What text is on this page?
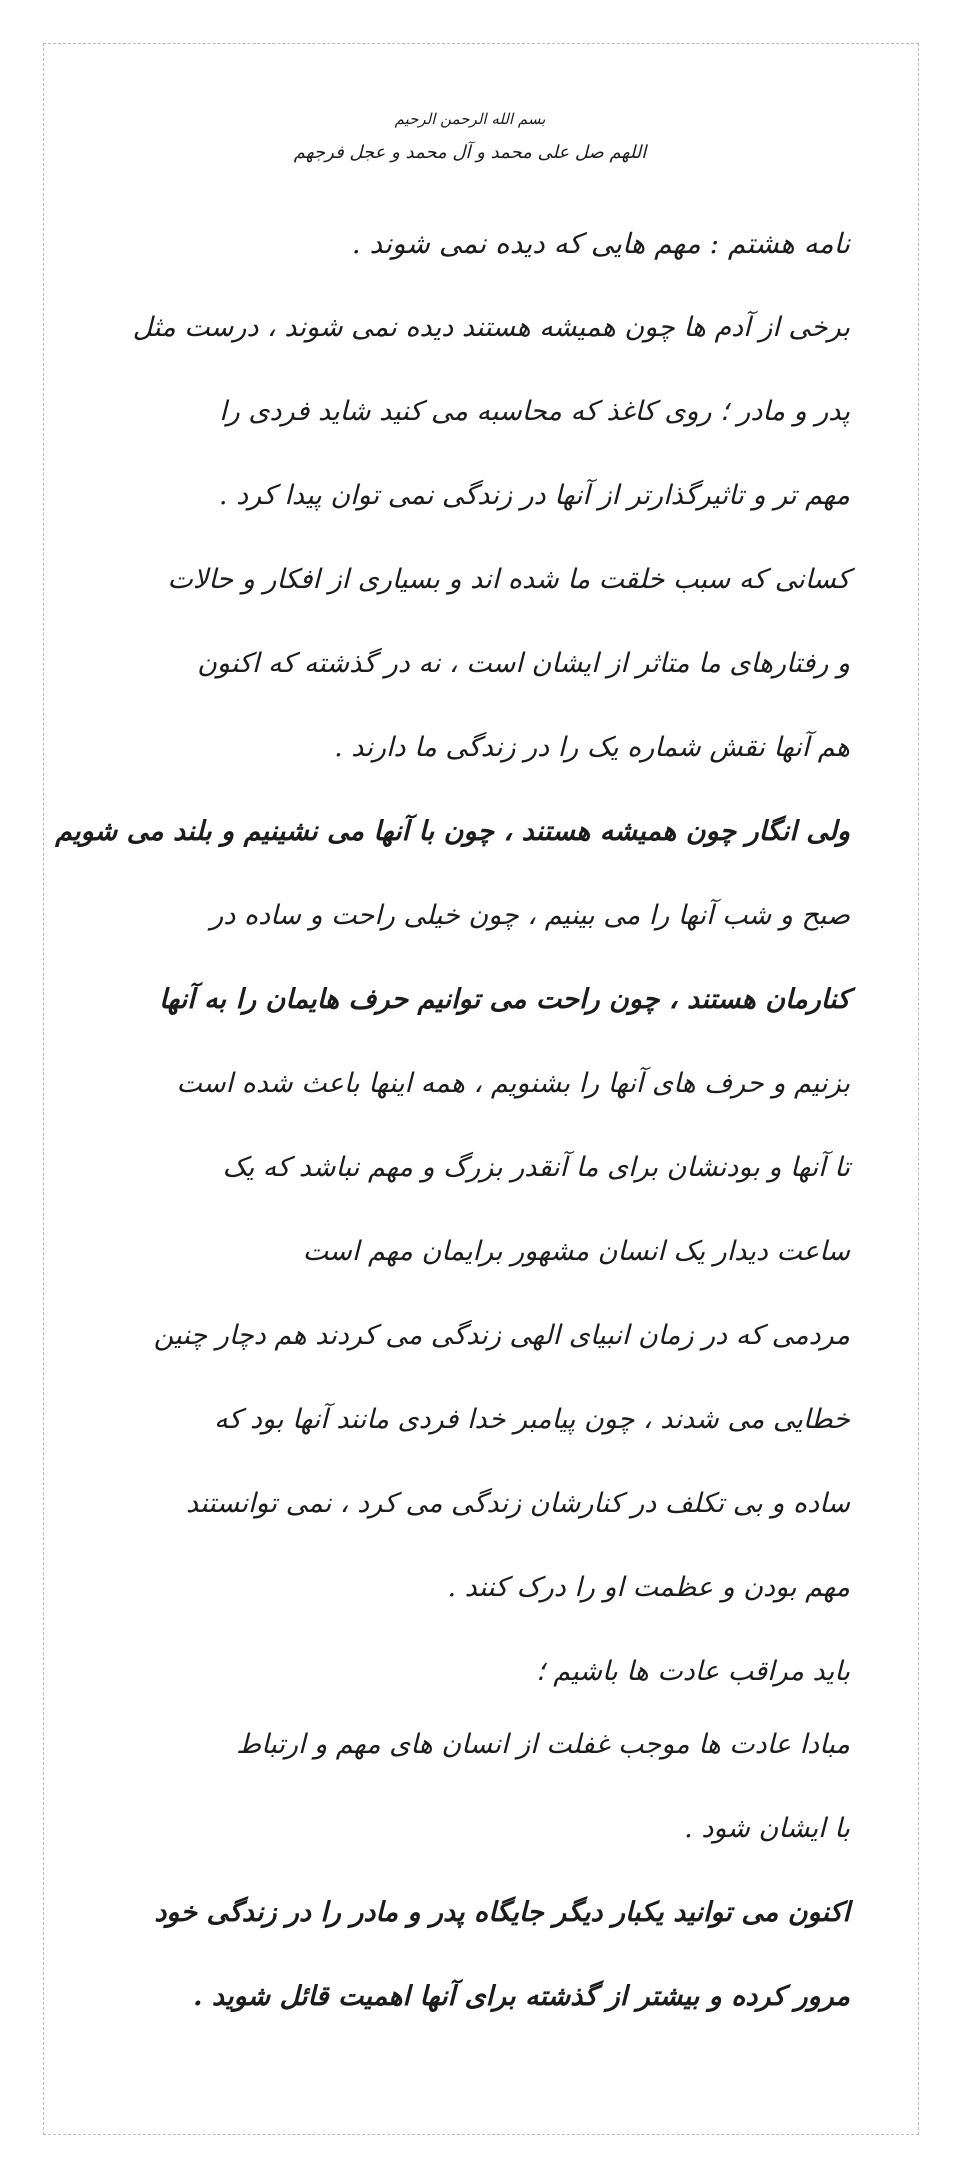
بسم الله الرحمن الرحیم
اللهم صل علی محمد و آل محمد و عجل فرجهم
نامه هشتم : مهم هایی که دیده نمی شوند .
برخی از آدم ها چون همیشه هستند دیده نمی شوند ، درست مثل
پدر و مادر ؛ روی کاغذ که محاسبه می کنید شاید فردی را
مهم تر و تاثیرگذارتر از آنها در زندگی نمی توان پیدا کرد .
کسانی که سبب خلقت ما شده اند و بسیاری از افکار و حالات
و رفتارهای ما متاثر از ایشان است ، نه در گذشته که اکنون
هم آنها نقش شماره یک را در زندگی ما دارند .
ولی انگار چون همیشه هستند ، چون با آنها می نشینیم و بلند می شویم
صبح و شب آنها را می بینیم ، چون خیلی راحت و ساده در
کنارمان هستند ، چون راحت می توانیم حرف هایمان را به آنها
بزنیم و حرف های آنها را بشنویم ، همه اینها باعث شده است
تا آنها و بودنشان برای ما آنقدر بزرگ و مهم نباشد که یک
ساعت دیدار یک انسان مشهور برایمان مهم است
مردمی که در زمان انبیای الهی زندگی می کردند هم دچار چنین
خطایی می شدند ، چون پیامبر خدا فردی مانند آنها بود که
ساده و بی تکلف در کنارشان زندگی می کرد ، نمی توانستند
مهم بودن و عظمت او را درک کنند .
باید مراقب عادت ها باشیم ؛
مبادا عادت ها موجب غفلت از انسان های مهم و ارتباط
با ایشان شود .
اکنون می توانید یکبار دیگر جایگاه پدر و مادر را در زندگی خود
مرور کرده و بیشتر از گذشته برای آنها اهمیت قائل شوید .
